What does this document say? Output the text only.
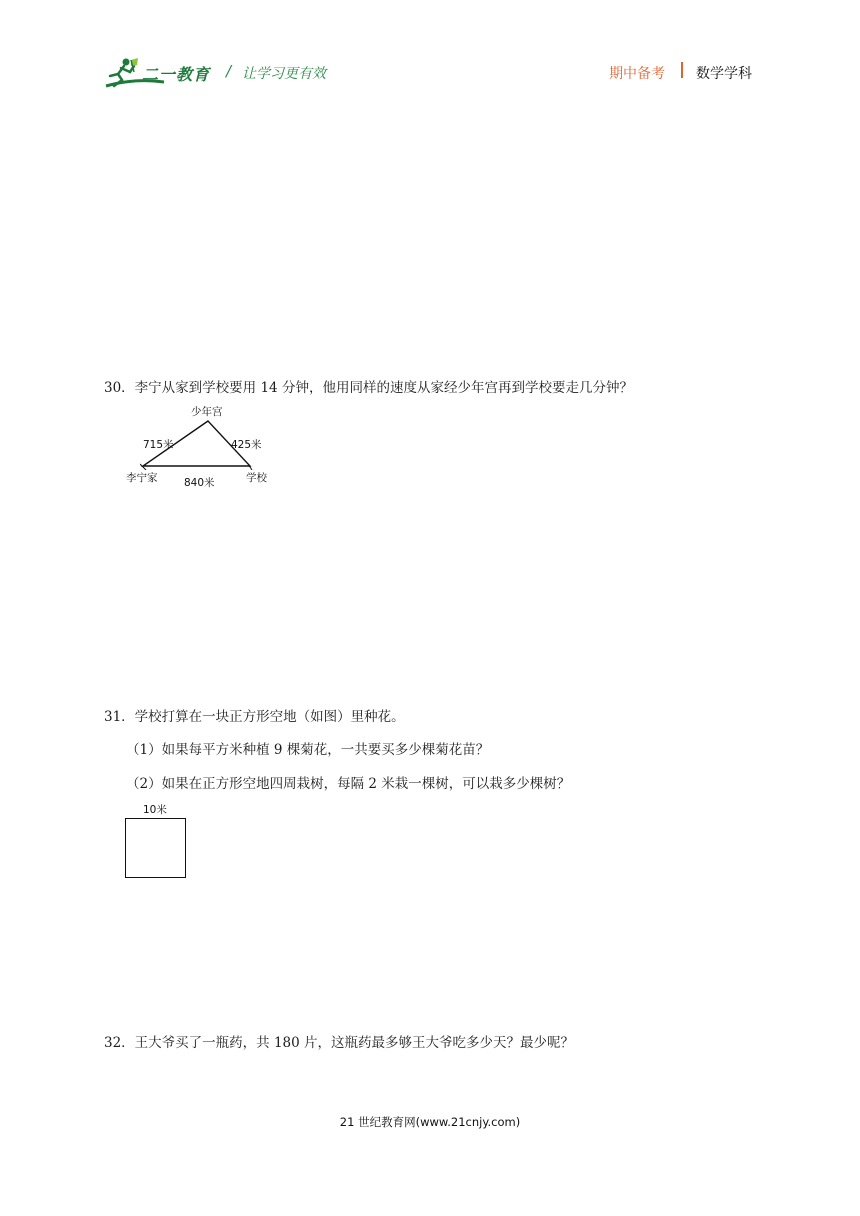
二一教育 / 让学习更有效	期中备考 数学学科
30．李宁从家到学校要用 14 分钟，他用同样的速度从家经少年宫再到学校要走几分钟？
少年宫
715米	425米
840米
李宁家	学校
31．学校打算在一块正方形空地（如图）里种花。
（1）如果每平方米种植 9 棵菊花，一共要买多少棵菊花苗？
（2）如果在正方形空地四周栽树，每隔 2 米栽一棵树，可以栽多少棵树？
10米
32．王大爷买了一瓶药，共 180 片，这瓶药最多够王大爷吃多少天？最少呢？
21 世纪教育网(www.21cnjy.com)
